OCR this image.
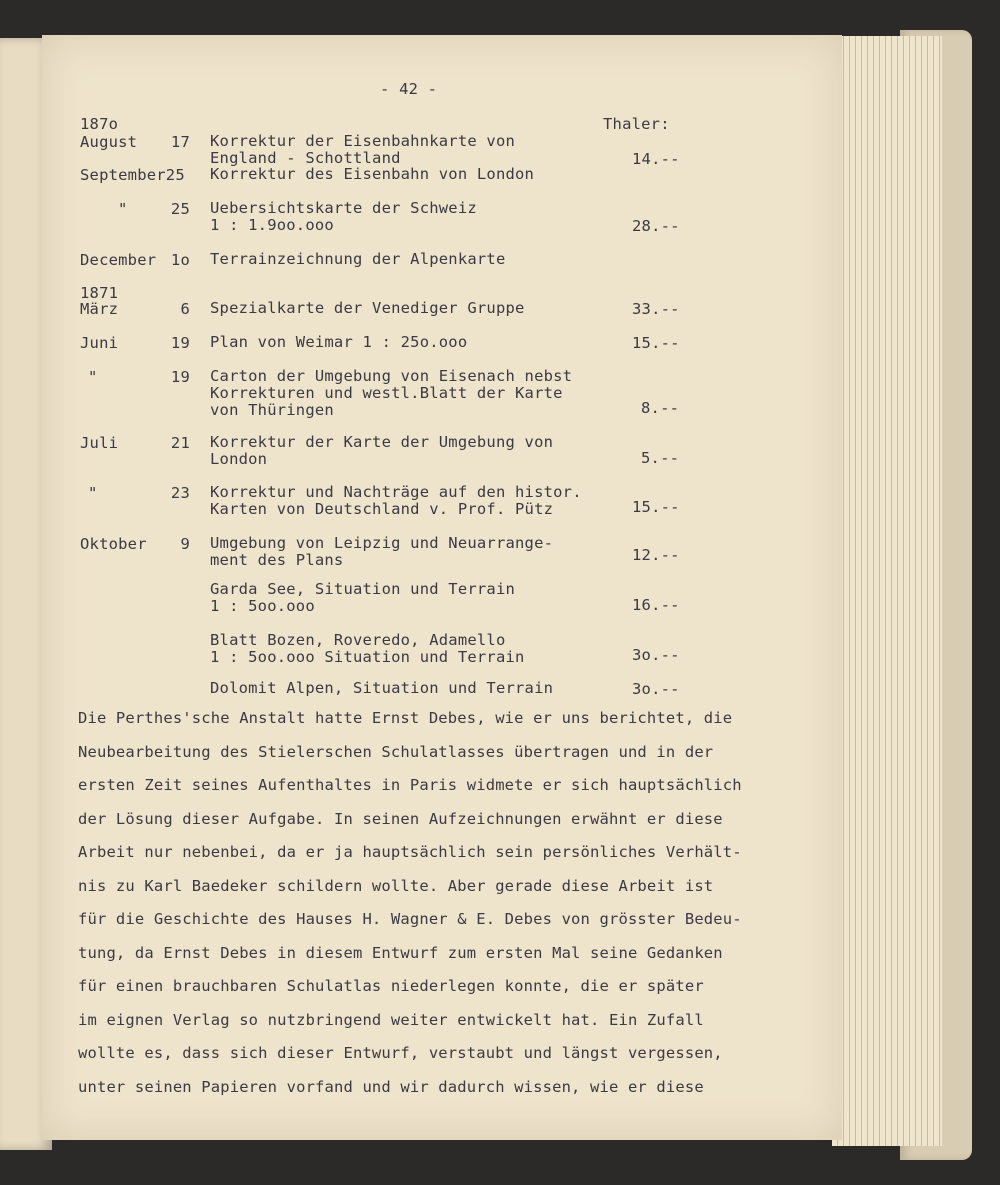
- 42 -
187o	Thaler:
August	17 Korrektur der Eisenbahnkarte von
England - Schottland	14.--
September25 Korrektur des Eisenbahn von London
"	25 Uebersichtskarte der Schweiz
1 : 1.9oo.ooo	28.--
December 1o Terrainzeichnung der Alpenkarte
1871
März	6 Spezialkarte der Venediger Gruppe	33.--
Juni	19 Plan von Weimar 1 : 25o.ooo	15.--
"	19 Carton der Umgebung von Eisenach nebst
Korrekturen und westl.Blatt der Karte
von Thüringen	8.--
Juli	21 Korrektur der Karte der Umgebung von
London	5.--
"	23 Korrektur und Nachträge auf den histor.
Karten von Deutschland v. Prof. Pütz	15.--
Oktober	9 Umgebung von Leipzig und Neuarrange-
ment des Plans	12.--
Garda See, Situation und Terrain
1 : 5oo.ooo	16.--
Blatt Bozen, Roveredo, Adamello
1 : 5oo.ooo Situation und Terrain	3o.--
Dolomit Alpen, Situation und Terrain	3o.--
Die Perthes'sche Anstalt hatte Ernst Debes, wie er uns berichtet, die
Neubearbeitung des Stielerschen Schulatlasses übertragen und in der
ersten Zeit seines Aufenthaltes in Paris widmete er sich hauptsächlich
der Lösung dieser Aufgabe. In seinen Aufzeichnungen erwähnt er diese
Arbeit nur nebenbei, da er ja hauptsächlich sein persönliches Verhält-
nis zu Karl Baedeker schildern wollte. Aber gerade diese Arbeit ist
für die Geschichte des Hauses H. Wagner & E. Debes von grösster Bedeu-
tung, da Ernst Debes in diesem Entwurf zum ersten Mal seine Gedanken
für einen brauchbaren Schulatlas niederlegen konnte, die er später
im eignen Verlag so nutzbringend weiter entwickelt hat. Ein Zufall
wollte es, dass sich dieser Entwurf, verstaubt und längst vergessen,
unter seinen Papieren vorfand und wir dadurch wissen, wie er diese
